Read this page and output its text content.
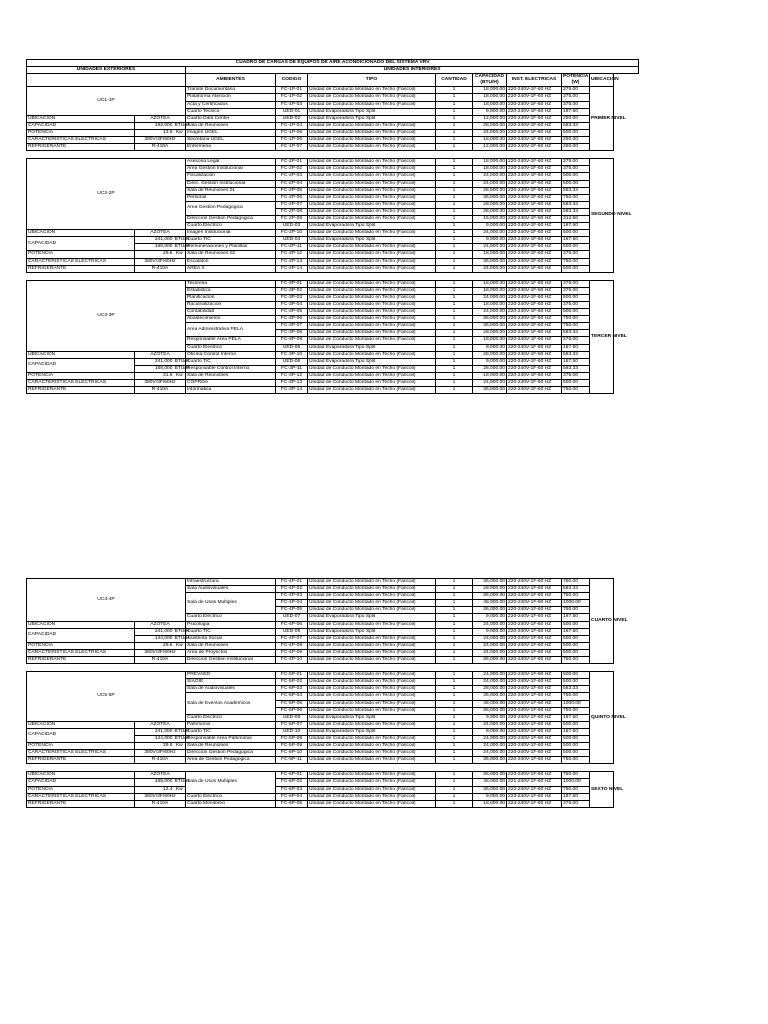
CUADRO DE CARGAS DE EQUIPOS DE AIRE ACONDICIONADO DEL SISTEMA VRV										
UNIDADES EXTERIORES			UNIDADES INTERIORES							
			AMBIENTES	CODIGO	TIPO	CANTIDAD	CAPACIDAD (BTU/H)	INST. ELECTRICAS	POTENCIA (W)	UBICACIÓN
UC1-1P			Tramite Documentario	FC-1P-01	Unidad de Conducto Montado en Techo (Fancoil)	1	18,000.00	220-240V-1F-60 HZ	375.00	PRIMER NIVEL
			Plataforma Atencion	FC-1P-02	Unidad de Conducto Montado en Techo (Fancoil)	1	18,000.00	220-240V-1F-60 HZ	375.00	
			Acta y Certificados	FC-1P-03	Unidad de Conducto Montado en Techo (Fancoil)	1	18,000.00	220-240V-1F-60 HZ	375.00	
			Cuarto Tecnico	UED-01	Unidad Evaporadora Tipo Split	1	9,000.00	220-240V-1F-60 HZ	187.50	
UBICACIÓN	AZOTEA		Cuarto Data Center	UED-02	Unidad Evaporadora Tipo Split	1	12,000.00	220-240V-1F-60 HZ	250.00	
CAPACIDAD	192,000	BTU/H	Sala de Reuniones	FC-1P-04	Unidad de Conducto Montado en Techo (Fancoil)	1	28,000.00	220-240V-1F-60 HZ	583.33	
POTENCIA	13.9	Kw	Imagen UGEL	FC-1P-05	Unidad de Conducto Montado en Techo (Fancoil)	1	24,000.00	220-240V-1F-60 HZ	500.00	
CARACTERISTICAS ELECTRICAS	380V/3F/60Hz		Secretaria UGEL	FC-1P-06	Unidad de Conducto Montado en Techo (Fancoil)	1	18,000.00	220-240V-1F-60 HZ	250.00	
REFRIGERANTE	R-410A		Enfermeria	FC-1P-07	Unidad de Conducto Montado en Techo (Fancoil)	1	12,000.00	220-240V-1F-60 HZ	250.00	

UC2-2P			Asesoria Legal	FC-2P-01	Unidad de Conducto Montado en Techo (Fancoil)	1	18,000.00	220-240V-1F-60 HZ	375.00	SEGUNDO NIVEL
			Area Gestion Institucional	FC-2P-02	Unidad de Conducto Montado en Techo (Fancoil)	1	18,000.00	220-240V-1F-60 HZ	375.00	
			Fiscalizacion	FC-2P-03	Unidad de Conducto Montado en Techo (Fancoil)	1	24,000.00	220-240V-1F-60 HZ	500.00	
			Direc. Gestion Institucional	FC-2P-04	Unidad de Conducto Montado en Techo (Fancoil)	1	24,000.00	220-240V-1F-60 HZ	500.00	
			Sala de Reuniones 01	FC-2P-05	Unidad de Conducto Montado en Techo (Fancoil)	1	28,000.00	220-240V-1F-60 HZ	583.33	
			Personal	FC-2P-06	Unidad de Conducto Montado en Techo (Fancoil)	1	36,000.00	220-240V-1F-60 HZ	750.00	
			Area Gestion Pedagogica	FC-2P-07	Unidad de Conducto Montado en Techo (Fancoil)	1	28,000.00	220-240V-1F-60 HZ	583.33	
				FC-2P-08	Unidad de Conducto Montado en Techo (Fancoil)	1	28,000.00	220-240V-1F-60 HZ	583.33	
			Direccion Gestion Pedagogica	FC-2P-09	Unidad de Conducto Montado en Techo (Fancoil)	1	15,000.00	220-240V-1F-60 HZ	312.50	
			Cuarto Electrico	UED-03	Unidad Evaporadora Tipo Split	1	9,000.00	220-240V-1F-60 HZ	187.50	
UBICACIÓN	AZOTEA		Imagen Institucional	FC-2P-10	Unidad de Conducto Montado en Techo (Fancoil)	1	24,000.00	220-240V-1F-60 HZ	500.00	
CAPACIDAD	241,000	BTU/H	Cuarto TIC	UED-04	Unidad Evaporadora Tipo Split	1	9,000.00	220-240V-1F-60 HZ	187.50	
	168,000	BTU/H	Remuneraciones y Planillas	FC-2P-11	Unidad de Conducto Montado en Techo (Fancoil)	1	24,000.00	220-240V-1F-60 HZ	500.00	
POTENCIA	29.5	Kw	Sala de Reuniones 02	FC-2P-12	Unidad de Conducto Montado en Techo (Fancoil)	1	18,000.00	220-240V-1F-60 HZ	375.00	
CARACTERISTICAS ELECTRICAS	380V/3F/60Hz		Escalafon	FC-2P-13	Unidad de Conducto Montado en Techo (Fancoil)	1	36,000.00	220-240V-1F-60 HZ	750.00	
REFRIGERANTE	R-410A		AREA X	FC-2P-14	Unidad de Conducto Montado en Techo (Fancoil)	1	24,000.00	220-240V-1F-60 HZ	500.00	

UC3-3P			Tesoreria	FC-3P-01	Unidad de Conducto Montado en Techo (Fancoil)	1	18,000.00	220-240V-1F-60 HZ	375.00	TERCER NIVEL
			Estadistica	FC-3P-02	Unidad de Conducto Montado en Techo (Fancoil)	1	18,000.00	220-240V-1F-60 HZ	375.00	
			Planificacion	FC-3P-03	Unidad de Conducto Montado en Techo (Fancoil)	1	24,000.00	220-240V-1F-60 HZ	500.00	
			Racionalizacion	FC-3P-04	Unidad de Conducto Montado en Techo (Fancoil)	1	18,000.00	220-240V-1F-60 HZ	375.00	
			Contabilidad	FC-3P-05	Unidad de Conducto Montado en Techo (Fancoil)	1	24,000.00	220-240V-1F-60 HZ	500.00	
			Abastecimiento	FC-3P-06	Unidad de Conducto Montado en Techo (Fancoil)	1	36,000.00	220-240V-1F-60 HZ	750.00	
			Area Administrativa PELA	FC-3P-07	Unidad de Conducto Montado en Techo (Fancoil)	1	36,000.00	220-240V-1F-60 HZ	750.00	
				FC-3P-08	Unidad de Conducto Montado en Techo (Fancoil)	1	28,000.00	220-240V-1F-60 HZ	583.33	
			Responsable Area PELA	FC-3P-09	Unidad de Conducto Montado en Techo (Fancoil)	1	18,000.00	220-240V-1F-60 HZ	375.00	
			Cuarto Electrico	UED-05	Unidad Evaporadora Tipo Split	1	9,000.00	220-240V-1F-60 HZ	187.50	
UBICACIÓN	AZOTEA		Oficina Control Interno	FC-3P-10	Unidad de Conducto Montado en Techo (Fancoil)	1	28,000.00	220-240V-1F-60 HZ	583.33	
CAPACIDAD	241,000	BTU/H	Cuarto TIC	UED-06	Unidad Evaporadora Tipo Split	1	9,000.00	220-240V-1F-60 HZ	187.50	
	168,000	BTU/H	Responsable Control Interno	FC-3P-11	Unidad de Conducto Montado en Techo (Fancoil)	1	28,000.00	220-240V-1F-60 HZ	583.33	
POTENCIA	31.6	Kw	Sala de Reuniones	FC-3P-12	Unidad de Conducto Montado en Techo (Fancoil)	1	18,000.00	220-240V-1F-60 HZ	375.00	
CARACTERISTICAS ELECTRICAS	380V/3F/60Hz		COPROA	FC-3P-13	Unidad de Conducto Montado en Techo (Fancoil)	1	24,000.00	220-240V-1F-60 HZ	500.00	
REFRIGERANTE	R-410A		Informatica	FC-3P-14	Unidad de Conducto Montado en Techo (Fancoil)	1	36,000.00	220-240V-1F-60 HZ	750.00	
UC4-4P			Infraestructura	FC-4P-01	Unidad de Conducto Montado en Techo (Fancoil)	1	36,000.00	220-240V-1F-60 HZ	750.00	CUARTO NIVEL
			Sala Audiovisuales	FC-4P-02	Unidad de Conducto Montado en Techo (Fancoil)	1	28,000.00	220-240V-1F-60 HZ	583.33	
			Sala de Usos Multiples	FC-4P-03	Unidad de Conducto Montado en Techo (Fancoil)	1	36,000.00	220-240V-1F-60 HZ	750.00	
				FC-4P-04	Unidad de Conducto Montado en Techo (Fancoil)	1	48,000.00	220-240V-1F-60 HZ	1000.00	
				FC-4P-05	Unidad de Conducto Montado en Techo (Fancoil)	1	36,000.00	220-240V-1F-60 HZ	750.00	
			Cuarto Electrico	UED-07	Unidad Evaporadora Tipo Split	1	9,000.00	220-240V-1F-60 HZ	187.50	
UBICACIÓN	AZOTEA		Psicologia	FC-4P-06	Unidad de Conducto Montado en Techo (Fancoil)	1	24,000.00	220-240V-1F-60 HZ	500.00	
CAPACIDAD	241,000	BTU/H	Cuarto TIC	UED-08	Unidad Evaporadora Tipo Split	1	9,000.00	220-240V-1F-60 HZ	187.50	
	144,000	BTU/H	Asistenta Social	FC-4P-07	Unidad de Conducto Montado en Techo (Fancoil)	1	24,000.00	220-240V-1F-60 HZ	500.00	
POTENCIA	29.5	Kw	Sala de Reuniones	FC-4P-08	Unidad de Conducto Montado en Techo (Fancoil)	1	24,000.00	220-240V-1F-60 HZ	500.00	
CARACTERISTICAS ELECTRICAS	380V/3F/60Hz		Area de Proyectos	FC-4P-09	Unidad de Conducto Montado en Techo (Fancoil)	1	24,000.00	220-240V-1F-60 HZ	500.00	
REFRIGERANTE	R-410A		Direccion Gestion Institucional	FC-4P-10	Unidad de Conducto Montado en Techo (Fancoil)	1	36,000.00	220-240V-1F-60 HZ	750.00	

UC5-5P			PREVAED	FC-5P-01	Unidad de Conducto Montado en Techo (Fancoil)	1	24,000.00	220-240V-1F-60 HZ	500.00	QUINTO NIVEL
			SIAGIE	FC-5P-02	Unidad de Conducto Montado en Techo (Fancoil)	1	24,000.00	220-240V-1F-60 HZ	500.00	
			Sala de Audiovisuales	FC-5P-03	Unidad de Conducto Montado en Techo (Fancoil)	1	28,000.00	220-240V-1F-60 HZ	583.33	
			Sala de Eventos Academicos	FC-5P-04	Unidad de Conducto Montado en Techo (Fancoil)	1	36,000.00	220-240V-1F-60 HZ	750.00	
				FC-5P-05	Unidad de Conducto Montado en Techo (Fancoil)	1	48,000.00	220-240V-1F-60 HZ	1000.00	
				FC-5P-06	Unidad de Conducto Montado en Techo (Fancoil)	1	36,000.00	220-240V-1F-60 HZ	750.00	
			Cuarto Electrico	UED-09	Unidad Evaporadora Tipo Split	1	9,000.00	220-240V-1F-60 HZ	187.50	
UBICACIÓN	AZOTEA		Patrimonio	FC-5P-07	Unidad de Conducto Montado en Techo (Fancoil)	1	24,000.00	220-240V-1F-60 HZ	500.00	
CAPACIDAD	241,000	BTU/H	Cuarto TIC	UED-10	Unidad Evaporadora Tipo Split	1	9,000.00	220-240V-1F-60 HZ	187.50	
	144,000	BTU/H	Responsable Area Patrimonio	FC-5P-08	Unidad de Conducto Montado en Techo (Fancoil)	1	24,000.00	220-240V-1F-60 HZ	500.00	
POTENCIA	29.5	Kw	Sala de Reuniones	FC-5P-09	Unidad de Conducto Montado en Techo (Fancoil)	1	24,000.00	220-240V-1F-60 HZ	500.00	
CARACTERISTICAS ELECTRICAS	380V/3F/60Hz		Direccion Gestion Pedagogica	FC-5P-10	Unidad de Conducto Montado en Techo (Fancoil)	1	24,000.00	220-240V-1F-60 HZ	500.00	
REFRIGERANTE	R-410A		Area de Gestion Pedagogica	FC-5P-11	Unidad de Conducto Montado en Techo (Fancoil)	1	36,000.00	220-240V-1F-60 HZ	750.00	

UBICACIÓN	AZOTEA		Sala de Usos Multiples	FC-6P-01	Unidad de Conducto Montado en Techo (Fancoil)	1	36,000.00	220-240V-1F-60 HZ	750.00	SEXTO NIVEL
CAPACIDAD	168,000	BTU/H		FC-6P-02	Unidad de Conducto Montado en Techo (Fancoil)	1	48,000.00	221-240V-1F-60 HZ	1000.00	
POTENCIA	12.4	Kw		FC-6P-03	Unidad de Conducto Montado en Techo (Fancoil)	1	36,000.00	222-240V-1F-60 HZ	750.00	
CARACTERISTICAS ELECTRICAS	380V/3F/60Hz		Cuarto Electrico	FC-6P-04	Unidad de Conducto Montado en Techo (Fancoil)	1	9,000.00	223-240V-1F-60 HZ	187.50	
REFRIGERANTE	R-410A		Cuarto Monitoreo	FC-6P-05	Unidad de Conducto Montado en Techo (Fancoil)	1	18,000.00	224-240V-1F-60 HZ	375.00	
